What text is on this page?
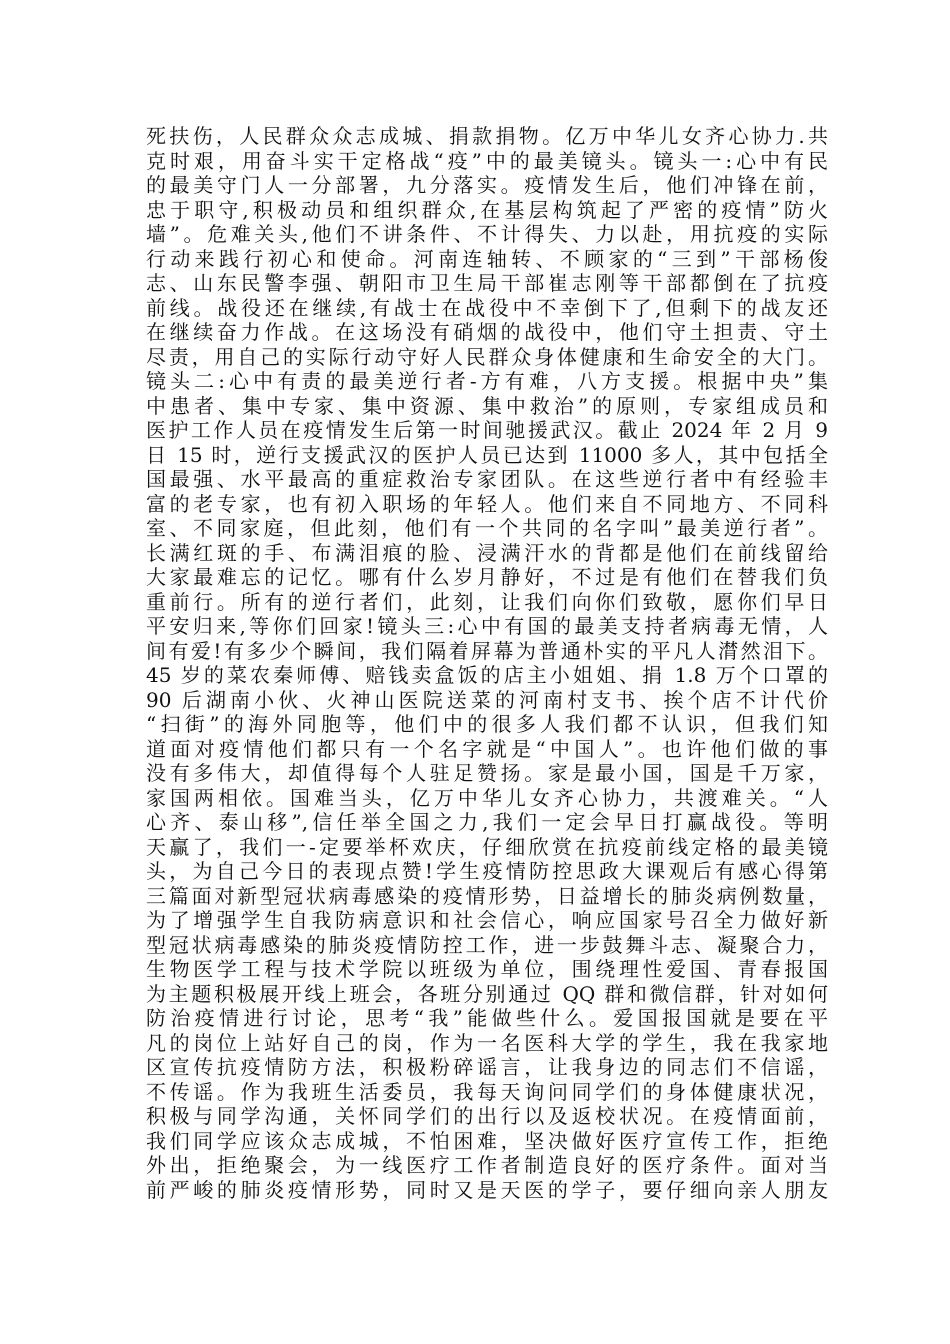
死扶伤，人民群众众志成城、捐款捐物。亿万中华儿女齐心协力.共
克时艰，用奋斗实干定格战“疫”中的最美镜头。镜头一:心中有民
的最美守门人一分部署，九分落实。疫情发生后，他们冲锋在前，
忠于职守,积极动员和组织群众,在基层构筑起了严密的疫情”防火
墙”。危难关头,他们不讲条件、不计得失、力以赴，用抗疫的实际
行动来践行初心和使命。河南连轴转、不顾家的“三到”干部杨俊
志、山东民警李强、朝阳市卫生局干部崔志刚等干部都倒在了抗疫
前线。战役还在继续,有战士在战役中不幸倒下了,但剩下的战友还
在继续奋力作战。在这场没有硝烟的战役中，他们守土担责、守土
尽责，用自己的实际行动守好人民群众身体健康和生命安全的大门。
镜头二:心中有责的最美逆行者-方有难，八方支援。根据中央”集
中患者、集中专家、集中资源、集中救治”的原则，专家组成员和
医护工作人员在疫情发生后第一时间驰援武汉。截止 2024 年 2 月 9
日 15 时，逆行支援武汉的医护人员已达到 11000 多人，其中包括全
国最强、水平最高的重症救治专家团队。在这些逆行者中有经验丰
富的老专家，也有初入职场的年轻人。他们来自不同地方、不同科
室、不同家庭，但此刻，他们有一个共同的名字叫”最美逆行者”。
长满红斑的手、布满泪痕的脸、浸满汗水的背都是他们在前线留给
大家最难忘的记忆。哪有什么岁月静好，不过是有他们在替我们负
重前行。所有的逆行者们，此刻，让我们向你们致敬，愿你们早日
平安归来,等你们回家!镜头三:心中有国的最美支持者病毒无情，人
间有爱!有多少个瞬间，我们隔着屏幕为普通朴实的平凡人潸然泪下。
45 岁的菜农秦师傅、赔钱卖盒饭的店主小姐姐、捐 1.8 万个口罩的
90 后湖南小伙、火神山医院送菜的河南村支书、挨个店不计代价
“扫街”的海外同胞等，他们中的很多人我们都不认识，但我们知
道面对疫情他们都只有一个名字就是“中国人”。也许他们做的事
没有多伟大，却值得每个人驻足赞扬。家是最小国，国是千万家，
家国两相依。国难当头，亿万中华儿女齐心协力，共渡难关。“人
心齐、泰山移”,信任举全国之力,我们一定会早日打赢战役。等明
天赢了，我们一-定要举杯欢庆，仔细欣赏在抗疫前线定格的最美镜
头，为自己今日的表现点赞!学生疫情防控思政大课观后有感心得第
三篇面对新型冠状病毒感染的疫情形势，日益增长的肺炎病例数量，
为了增强学生自我防病意识和社会信心，响应国家号召全力做好新
型冠状病毒感染的肺炎疫情防控工作，进一步鼓舞斗志、凝聚合力，
生物医学工程与技术学院以班级为单位，围绕理性爱国、青春报国
为主题积极展开线上班会，各班分别通过 QQ 群和微信群，针对如何
防治疫情进行讨论，思考“我”能做些什么。爱国报国就是要在平
凡的岗位上站好自己的岗，作为一名医科大学的学生，我在我家地
区宣传抗疫情防方法，积极粉碎谣言，让我身边的同志们不信谣，
不传谣。作为我班生活委员，我每天询问同学们的身体健康状况，
积极与同学沟通，关怀同学们的出行以及返校状况。在疫情面前，
我们同学应该众志成城，不怕困难，坚决做好医疗宣传工作，拒绝
外出，拒绝聚会，为一线医疗工作者制造良好的医疗条件。面对当
前严峻的肺炎疫情形势，同时又是天医的学子，要仔细向亲人朋友
